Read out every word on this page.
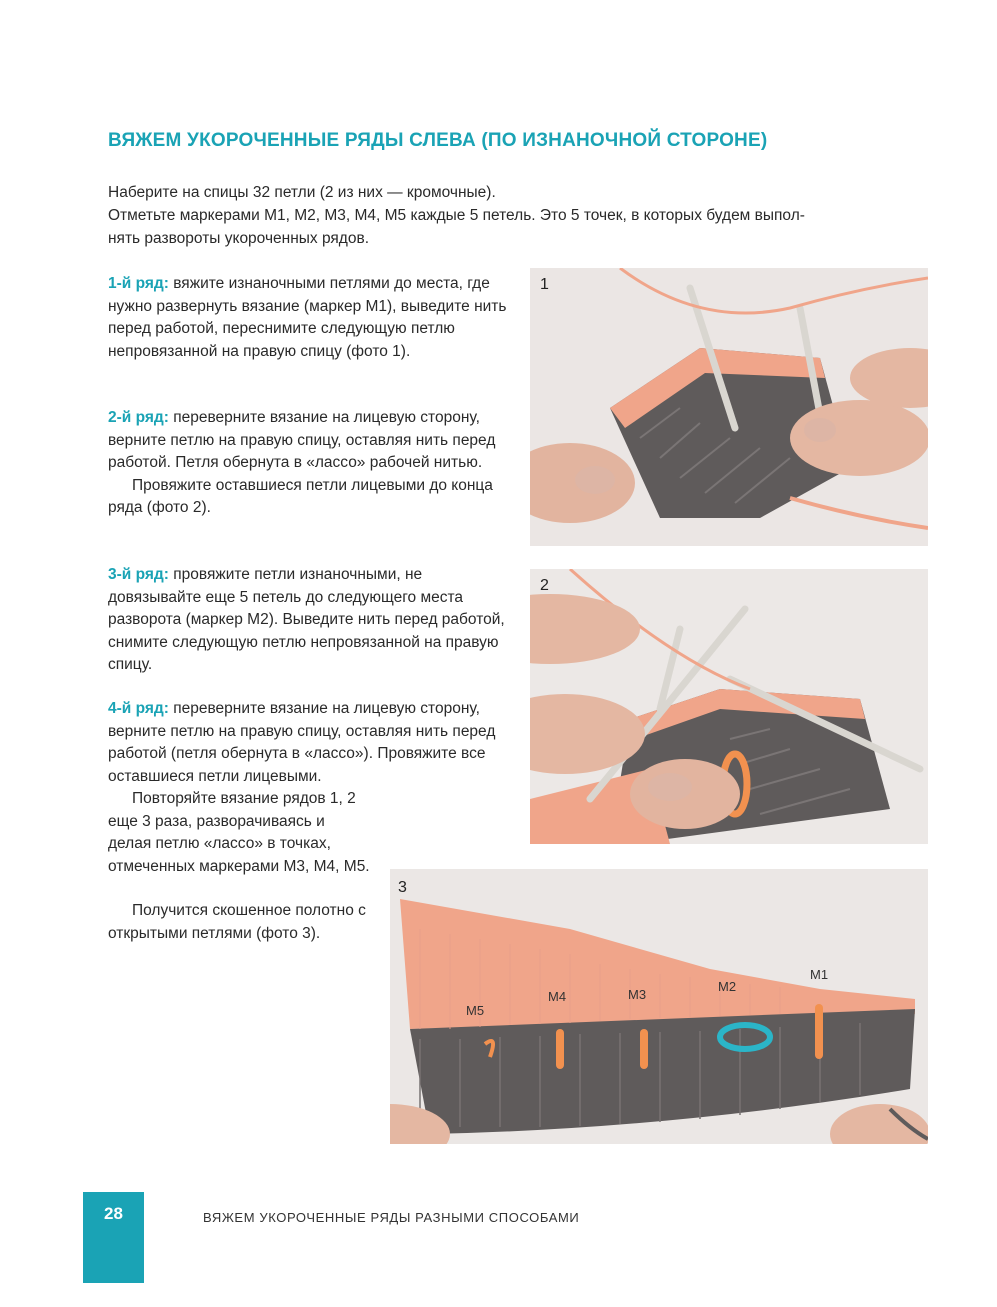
ВЯЖЕМ УКОРОЧЕННЫЕ РЯДЫ СЛЕВА (ПО ИЗНАНОЧНОЙ СТОРОНЕ)

Наберите на спицы 32 петли (2 из них — кромочные).

Отметьте маркерами М1, М2, М3, М4, М5 каждые 5 петель. Это 5 точек, в которых будем выпол-

нять развороты укороченных рядов.

1-й ряд: вяжите изнаночными петлями до места, где нужно развернуть вязание (маркер М1), выведите нить перед работой, переснимите следующую петлю непровязанной на правую спицу (фото 1).

2-й ряд: переверните вязание на лицевую сторону, верните петлю на правую спицу, оставляя нить перед работой. Петля обернута в «лассо» рабочей нитью.

Провяжите оставшиеся петли лицевыми до конца ряда (фото 2).

3-й ряд: провяжите петли изнаночными, не довязывайте еще 5 петель до следующего места разворота (маркер М2). Выведите нить перед работой, снимите следующую петлю непровязанной на правую спицу.

4-й ряд: переверните вязание на лицевую сторону, верните петлю на правую спицу, оставляя нить перед работой (петля обернута в «лассо»). Провяжите все оставшиеся петли лицевыми.

Повторяйте вязание рядов 1, 2 еще 3 раза, разворачиваясь и делая петлю «лассо» в точках, отмеченных маркерами М3, М4, М5.

Получится скошенное полотно с открытыми петлями (фото 3).

1
2
3
М1
М2
М3
М4
М5
28	ВЯЖЕМ УКОРОЧЕННЫЕ РЯДЫ РАЗНЫМИ СПОСОБАМИ
